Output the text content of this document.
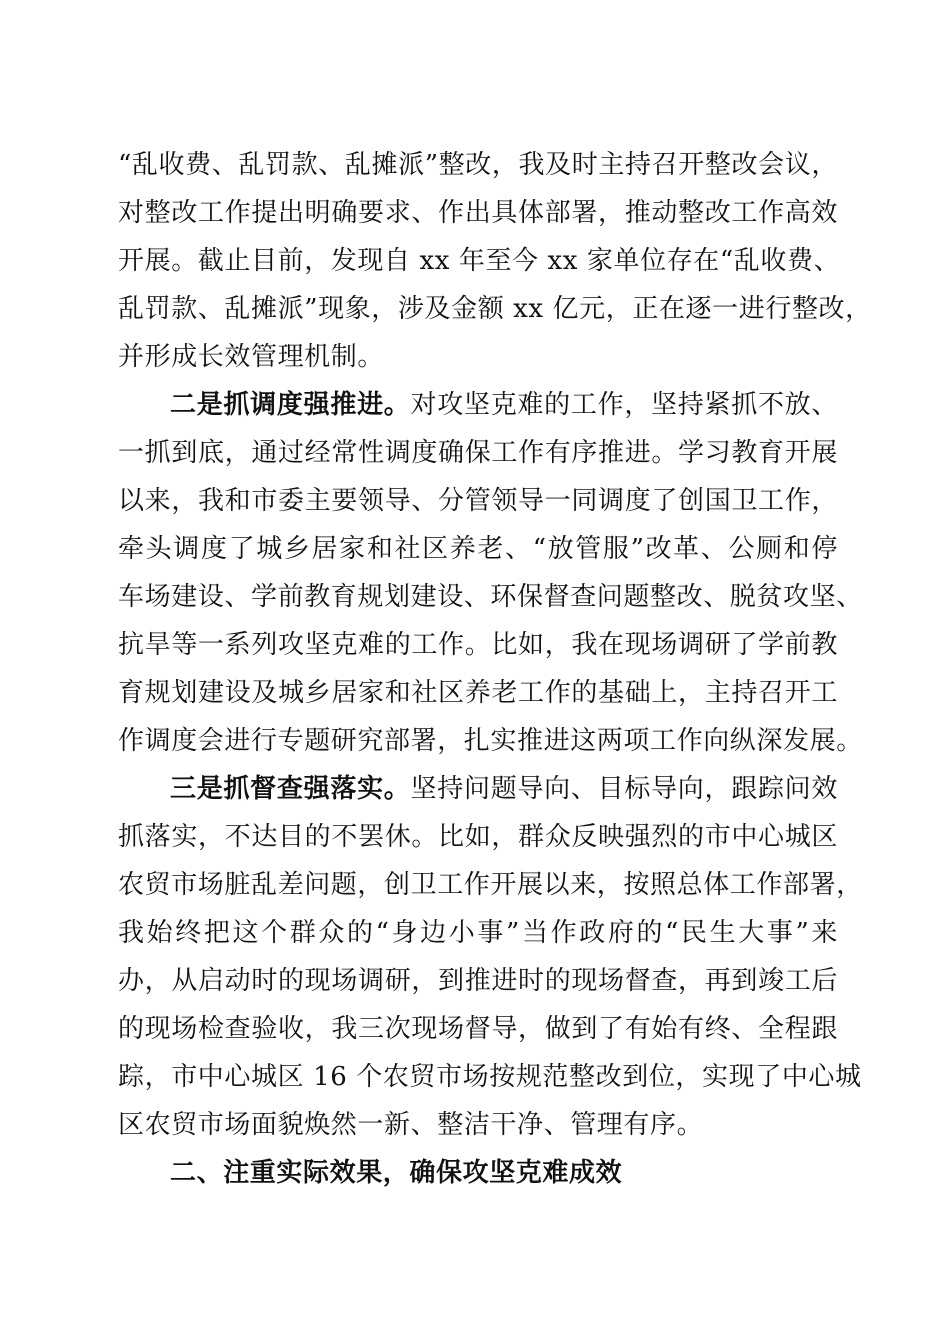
“乱收费、乱罚款、乱摊派”整改，我及时主持召开整改会议，
对整改工作提出明确要求、作出具体部署，推动整改工作高效
开展。截止目前，发现自 xx 年至今 xx 家单位存在“乱收费、
乱罚款、乱摊派”现象，涉及金额 xx 亿元，正在逐一进行整改，
并形成长效管理机制。
二是抓调度强推进。对攻坚克难的工作，坚持紧抓不放、
一抓到底，通过经常性调度确保工作有序推进。学习教育开展
以来，我和市委主要领导、分管领导一同调度了创国卫工作，
牵头调度了城乡居家和社区养老、“放管服”改革、公厕和停
车场建设、学前教育规划建设、环保督查问题整改、脱贫攻坚、
抗旱等一系列攻坚克难的工作。比如，我在现场调研了学前教
育规划建设及城乡居家和社区养老工作的基础上，主持召开工
作调度会进行专题研究部署，扎实推进这两项工作向纵深发展。
三是抓督查强落实。坚持问题导向、目标导向，跟踪问效
抓落实，不达目的不罢休。比如，群众反映强烈的市中心城区
农贸市场脏乱差问题，创卫工作开展以来，按照总体工作部署，
我始终把这个群众的“身边小事”当作政府的“民生大事”来
办，从启动时的现场调研，到推进时的现场督查，再到竣工后
的现场检查验收，我三次现场督导，做到了有始有终、全程跟
踪，市中心城区 16 个农贸市场按规范整改到位，实现了中心城
区农贸市场面貌焕然一新、整洁干净、管理有序。
二、注重实际效果，确保攻坚克难成效
